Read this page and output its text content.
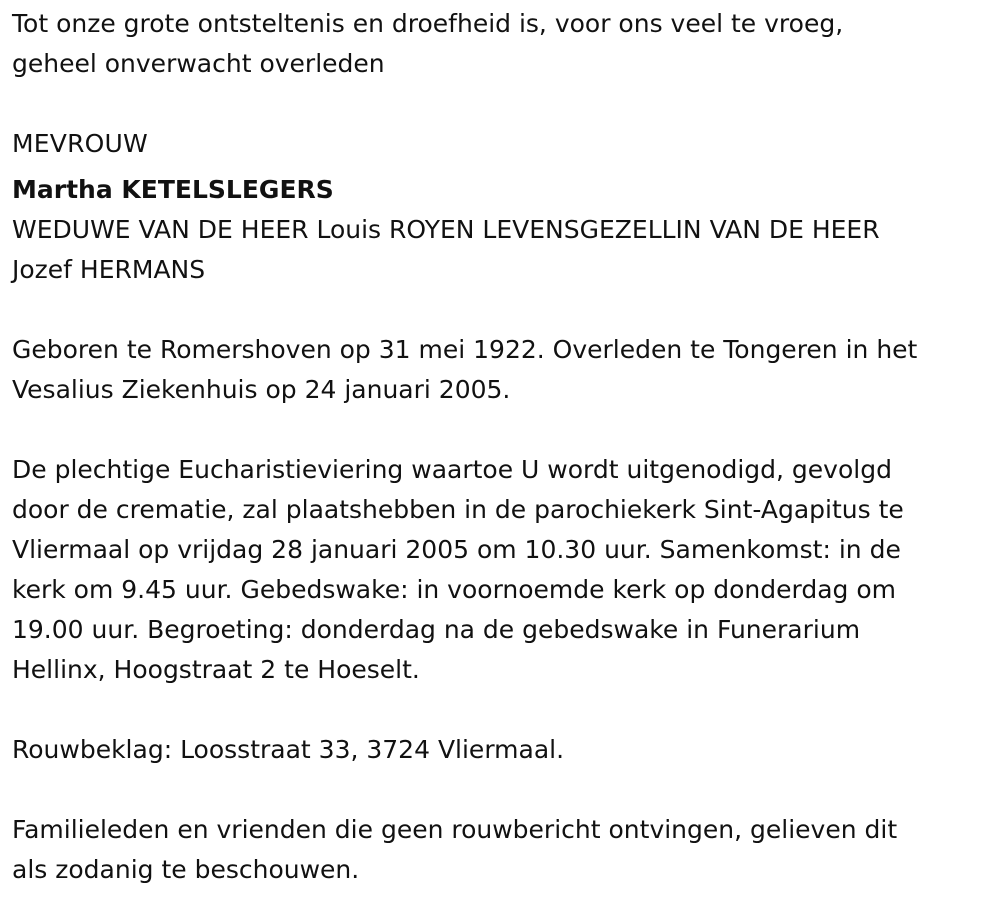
Tot onze grote ontsteltenis en droefheid is, voor ons veel te vroeg,
geheel onverwacht overleden
MEVROUW
Martha KETELSLEGERS
WEDUWE VAN DE HEER Louis ROYEN LEVENSGEZELLIN VAN DE HEER
Jozef HERMANS
Geboren te Romershoven op 31 mei 1922. Overleden te Tongeren in het
Vesalius Ziekenhuis op 24 januari 2005.
De plechtige Eucharistieviering waartoe U wordt uitgenodigd, gevolgd
door de crematie, zal plaatshebben in de parochiekerk Sint-Agapitus te
Vliermaal op vrijdag 28 januari 2005 om 10.30 uur. Samenkomst: in de
kerk om 9.45 uur. Gebedswake: in voornoemde kerk op donderdag om
19.00 uur. Begroeting: donderdag na de gebedswake in Funerarium
Hellinx, Hoogstraat 2 te Hoeselt.
Rouwbeklag: Loosstraat 33, 3724 Vliermaal.
Familieleden en vrienden die geen rouwbericht ontvingen, gelieven dit
als zodanig te beschouwen.
